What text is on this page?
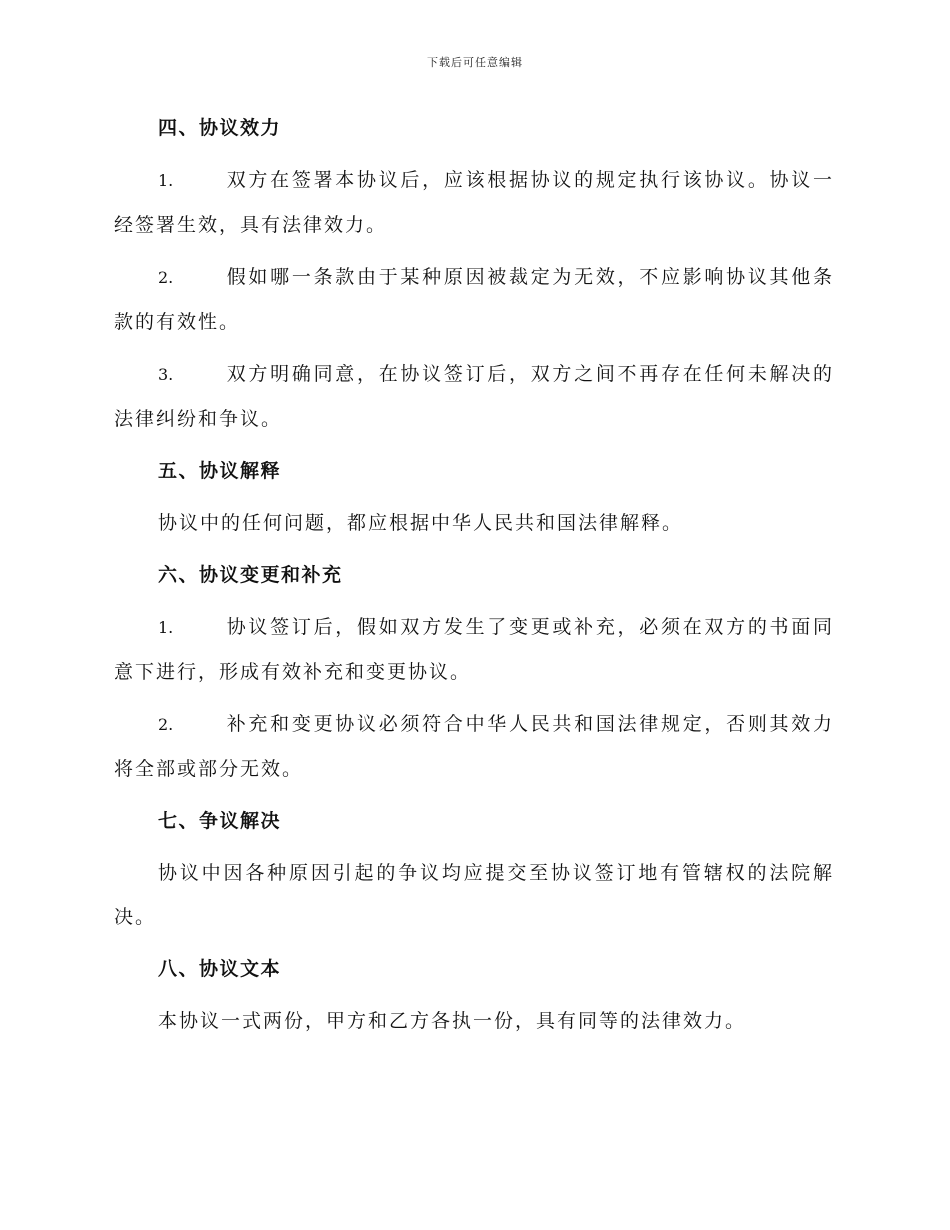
下载后可任意编辑
四、协议效力

1.	双方在签署本协议后，应该根据协议的规定执行该协议。协议一经签署生效，具有法律效力。

2.	假如哪一条款由于某种原因被裁定为无效，不应影响协议其他条款的有效性。

3.	双方明确同意，在协议签订后，双方之间不再存在任何未解决的法律纠纷和争议。

五、协议解释

协议中的任何问题，都应根据中华人民共和国法律解释。

六、协议变更和补充

1.	协议签订后，假如双方发生了变更或补充，必须在双方的书面同意下进行，形成有效补充和变更协议。

2.	补充和变更协议必须符合中华人民共和国法律规定，否则其效力将全部或部分无效。

七、争议解决

协议中因各种原因引起的争议均应提交至协议签订地有管辖权的法院解决。

八、协议文本

本协议一式两份，甲方和乙方各执一份，具有同等的法律效力。
